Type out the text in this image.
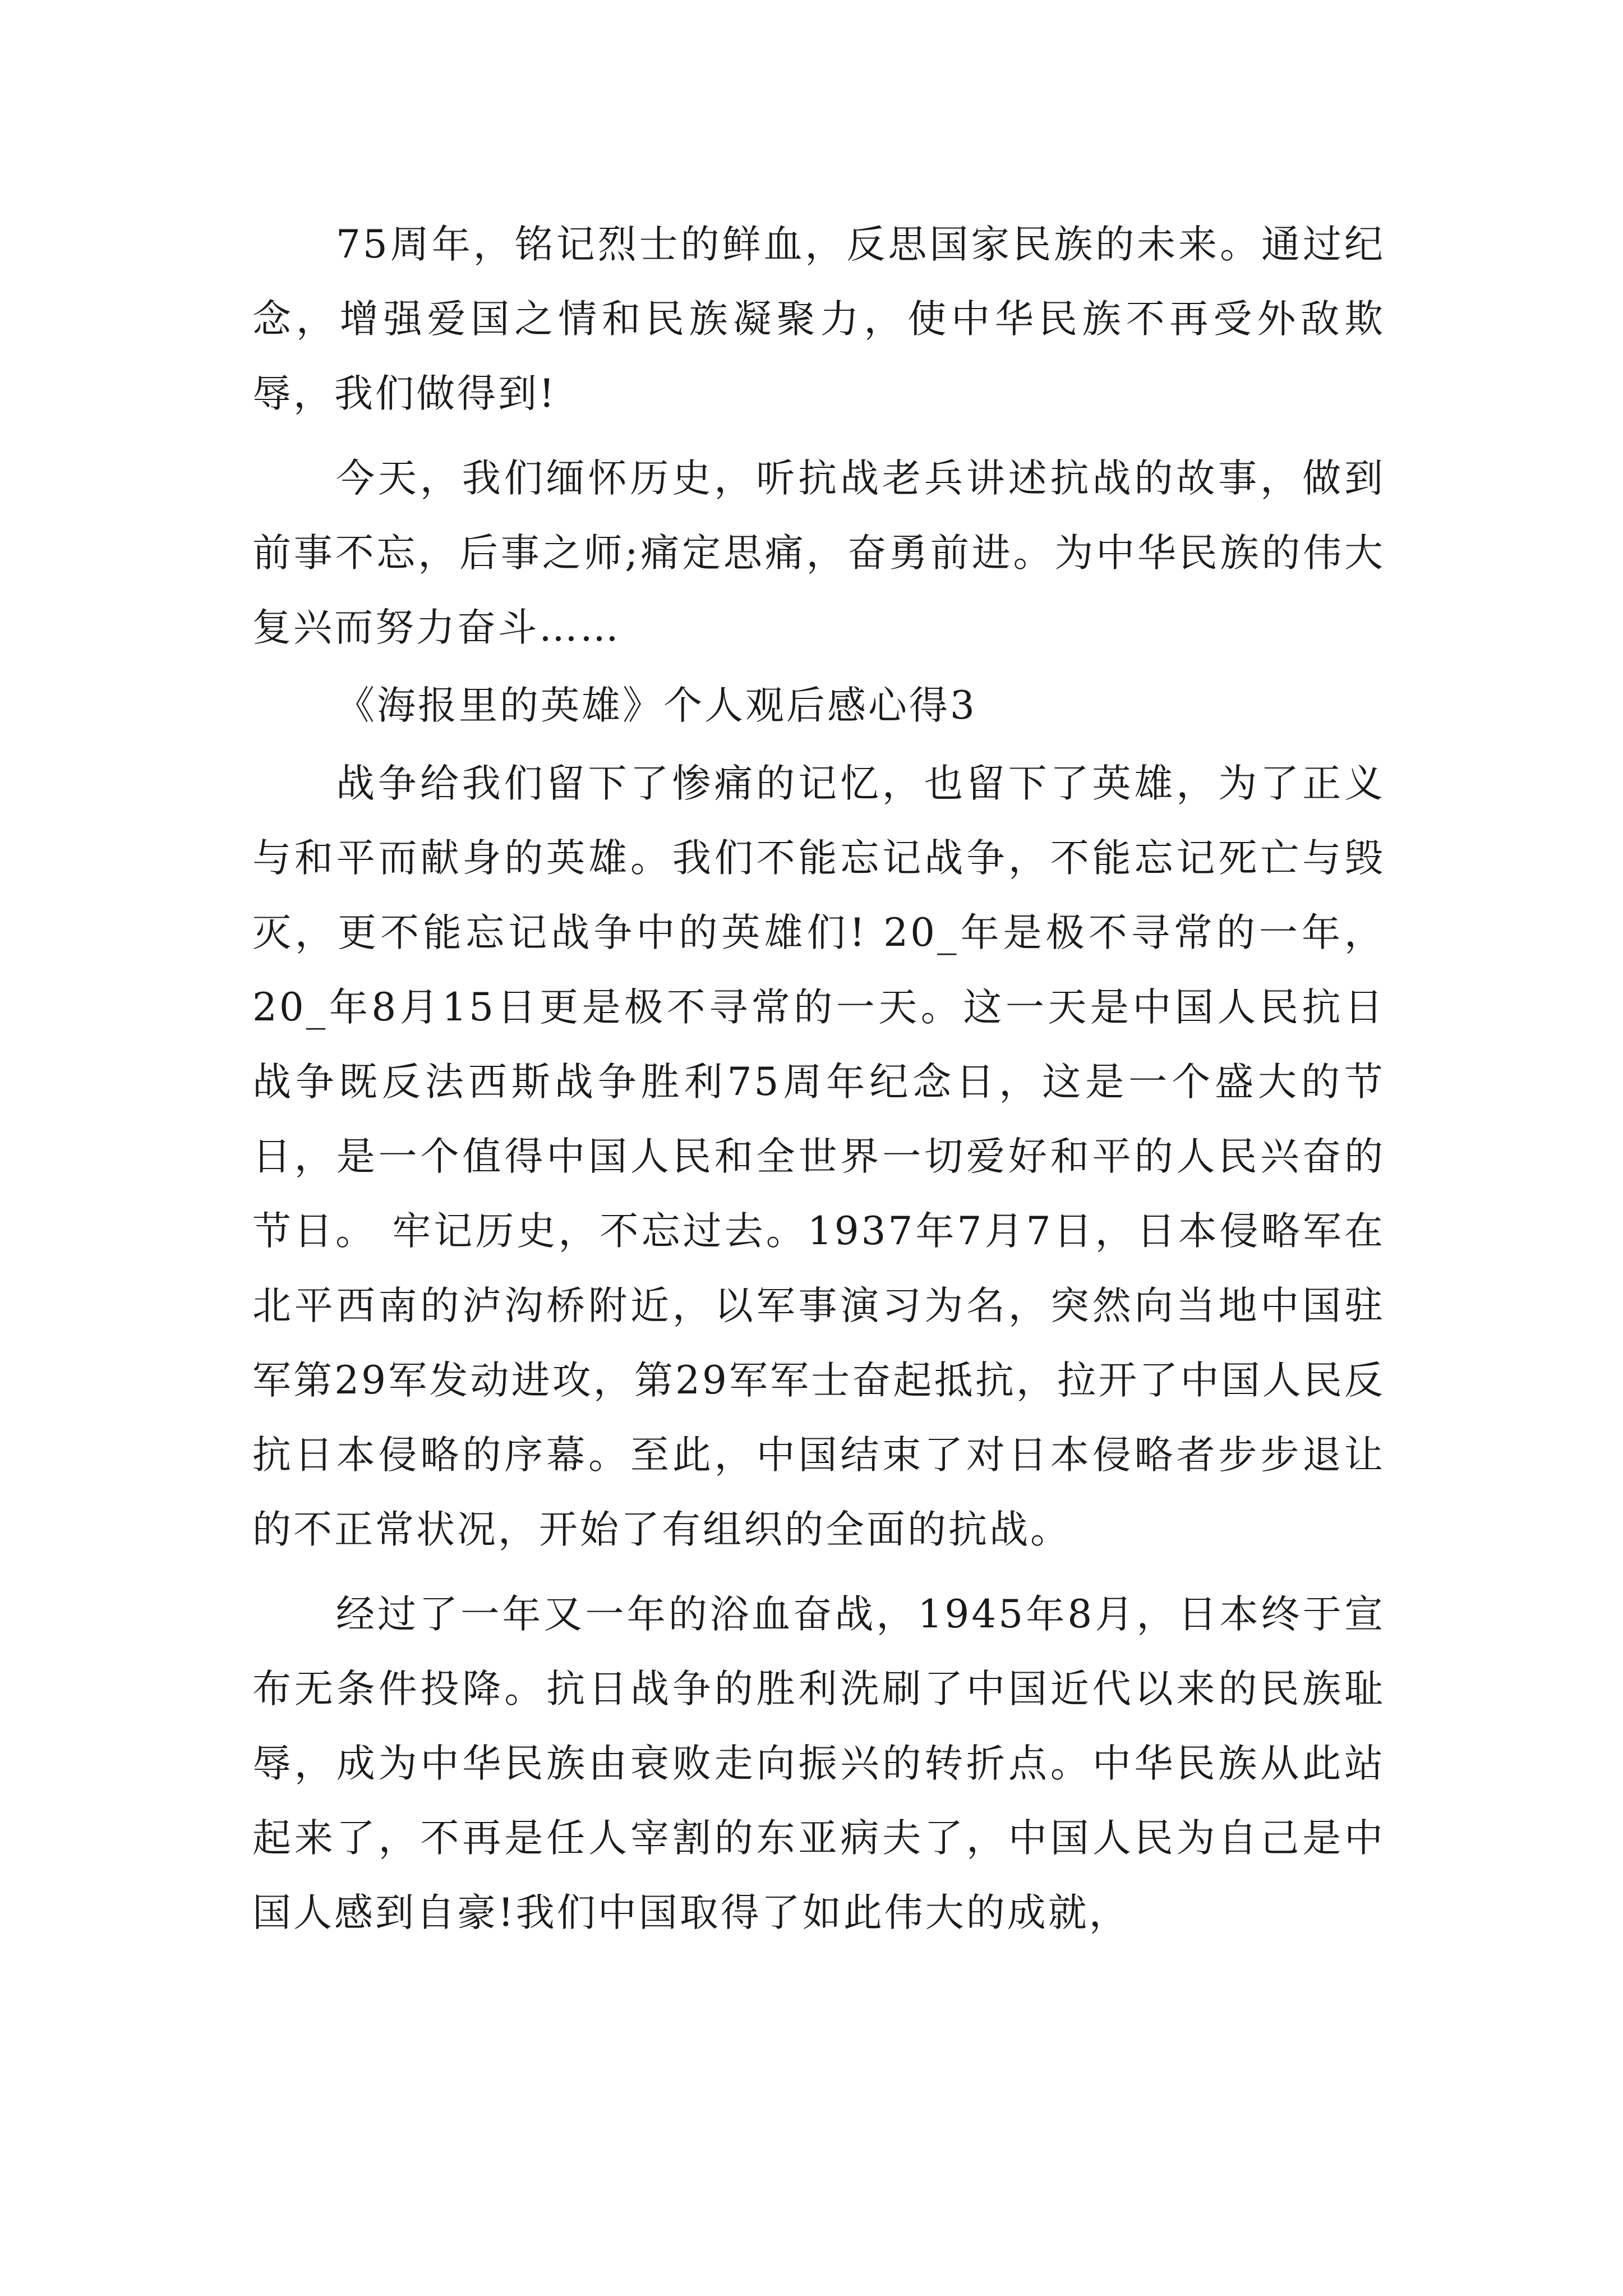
75周年，铭记烈士的鲜血，反思国家民族的未来。通过纪念，增强爱国之情和民族凝聚力，使中华民族不再受外敌欺辱，我们做得到!

今天，我们缅怀历史，听抗战老兵讲述抗战的故事，做到前事不忘，后事之师;痛定思痛，奋勇前进。为中华民族的伟大复兴而努力奋斗……

《海报里的英雄》个人观后感心得3

战争给我们留下了惨痛的记忆，也留下了英雄，为了正义与和平而献身的英雄。我们不能忘记战争，不能忘记死亡与毁灭，更不能忘记战争中的英雄们! 20_年是极不寻常的一年，20_年8月15日更是极不寻常的一天。这一天是中国人民抗日战争既反法西斯战争胜利75周年纪念日，这是一个盛大的节日，是一个值得中国人民和全世界一切爱好和平的人民兴奋的节日。 牢记历史，不忘过去。1937年7月7日，日本侵略军在北平西南的泸沟桥附近，以军事演习为名，突然向当地中国驻军第29军发动进攻，第29军军士奋起抵抗，拉开了中国人民反抗日本侵略的序幕。至此，中国结束了对日本侵略者步步退让的不正常状况，开始了有组织的全面的抗战。

经过了一年又一年的浴血奋战，1945年8月，日本终于宣布无条件投降。抗日战争的胜利洗刷了中国近代以来的民族耻辱，成为中华民族由衰败走向振兴的转折点。中华民族从此站起来了，不再是任人宰割的东亚病夫了，中国人民为自己是中国人感到自豪!我们中国取得了如此伟大的成就，
